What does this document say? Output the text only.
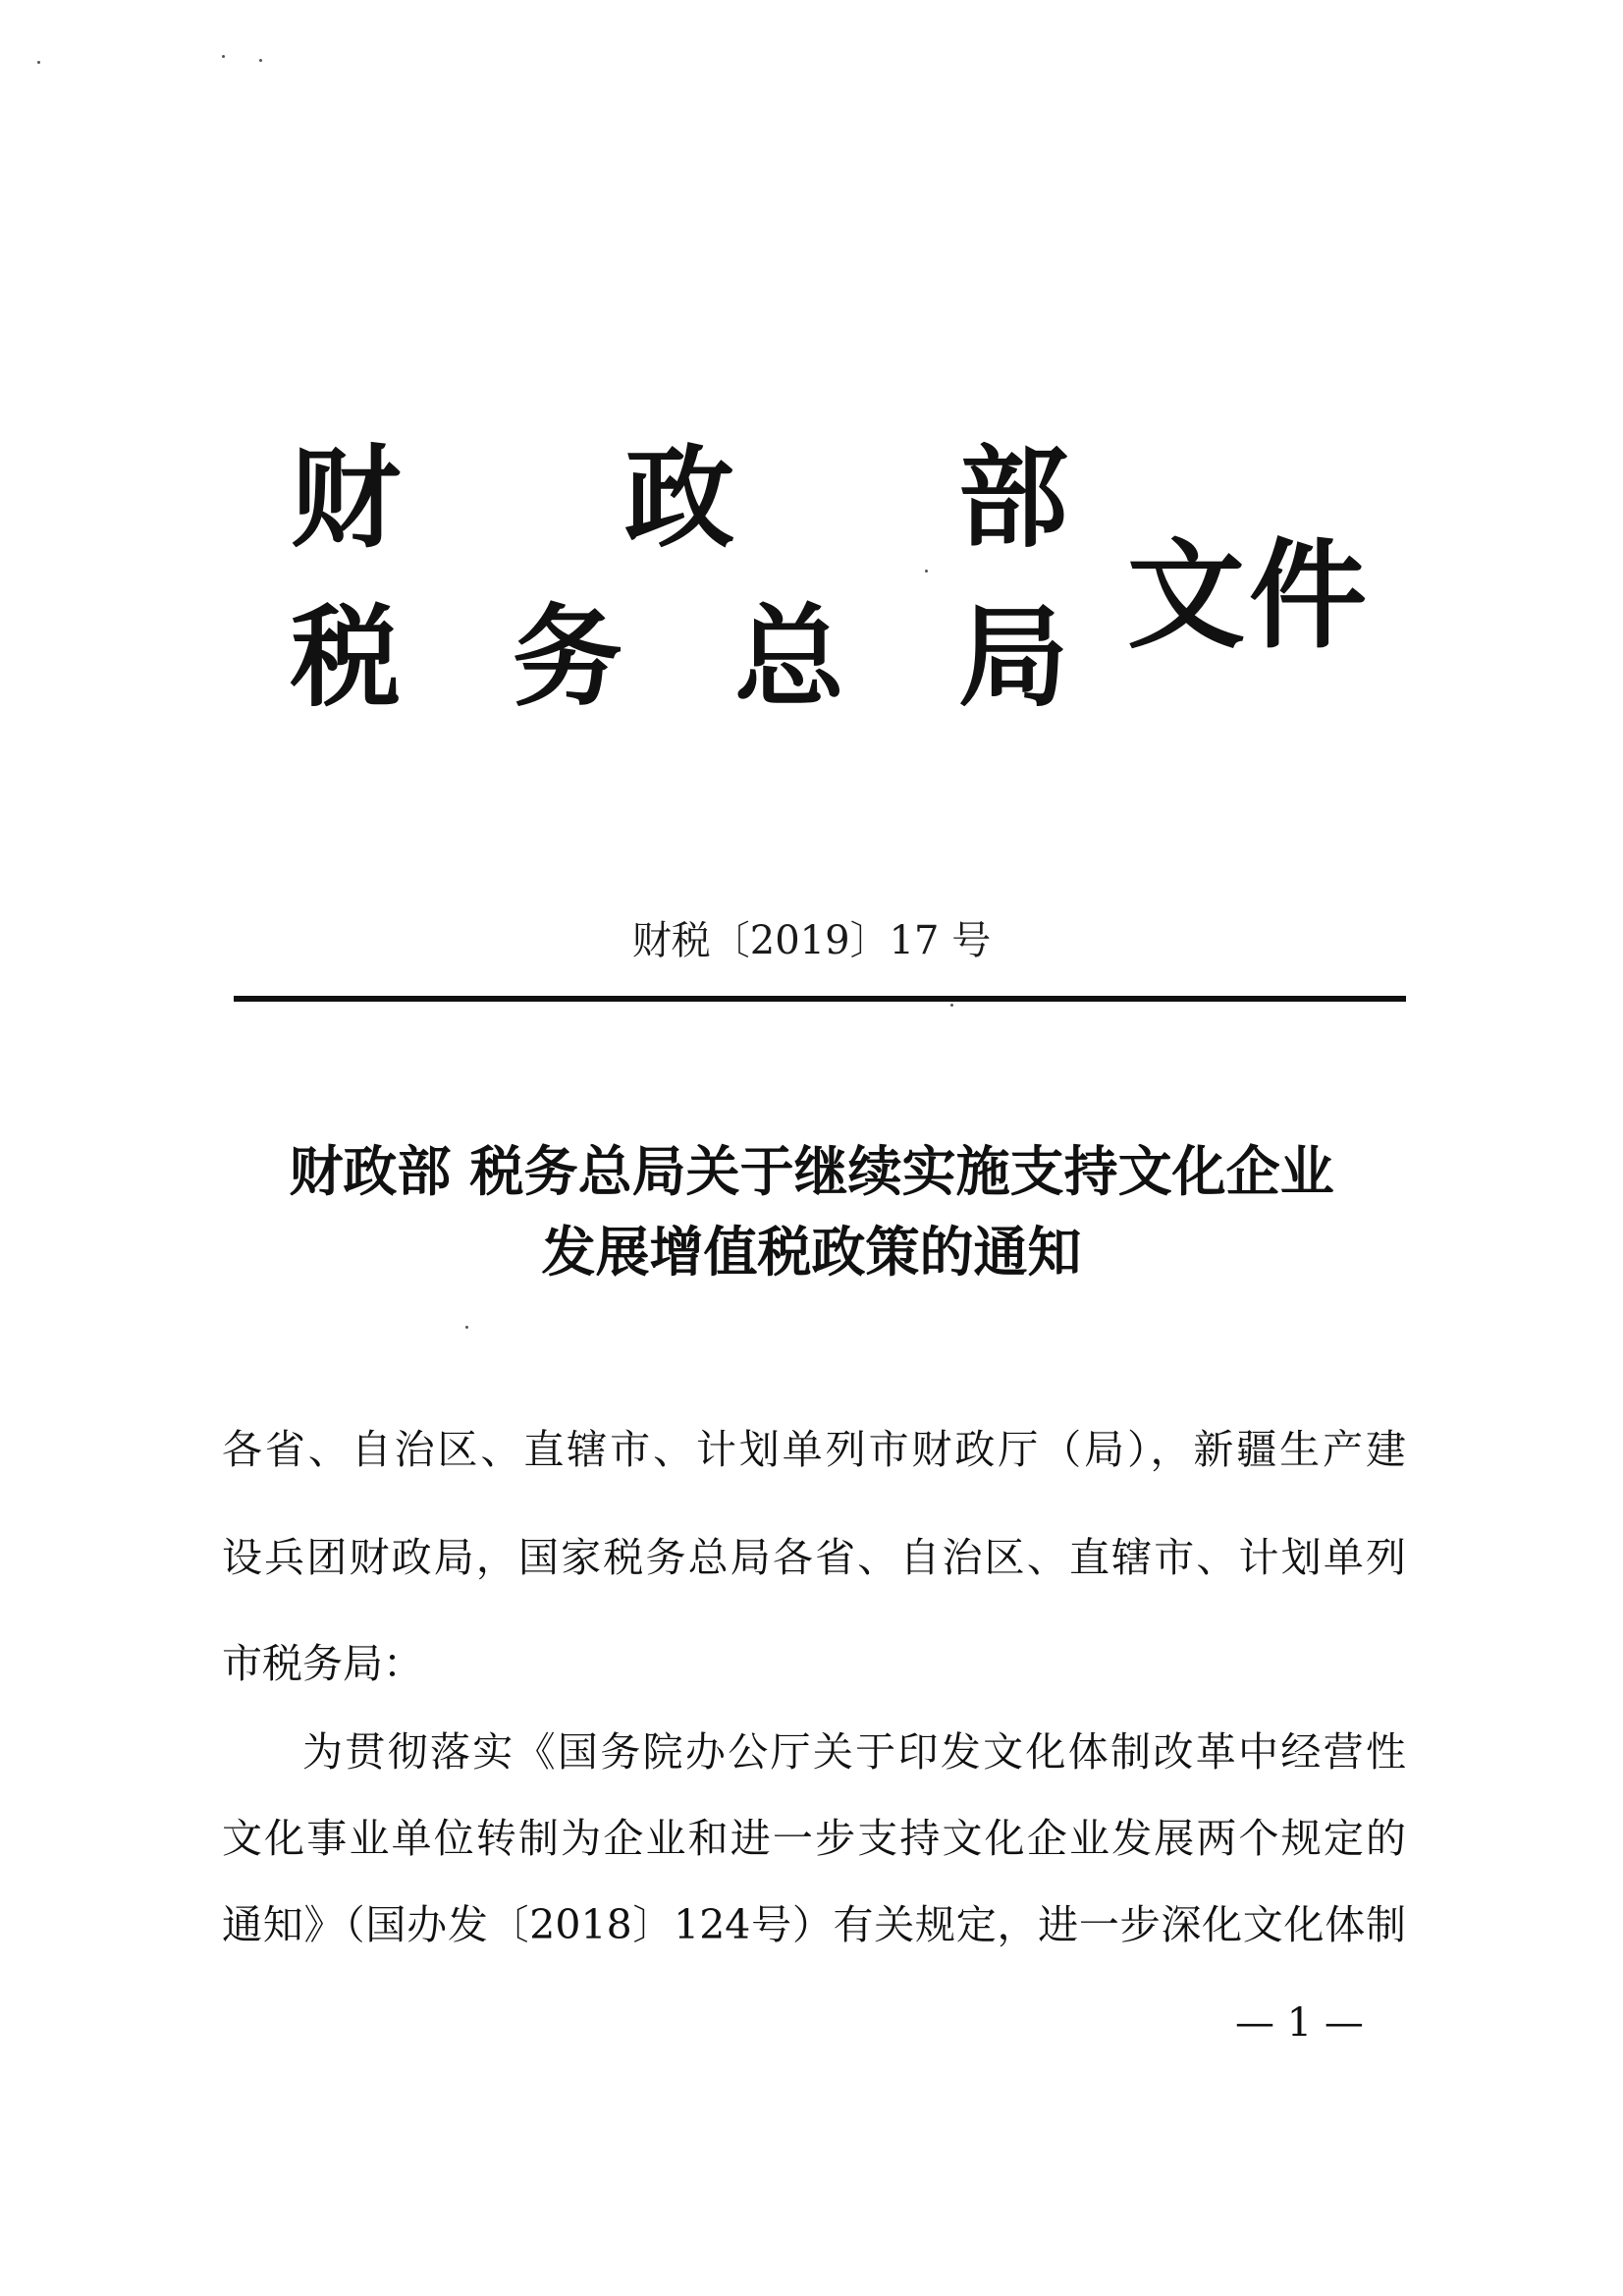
财 政 部
税 务 总 局 文件
财税〔2019〕17 号
财政部 税务总局关于继续实施支持文化企业
发展增值税政策的通知
各省、自治区、直辖市、计划单列市财政厅（局），新疆生产建
设兵团财政局，国家税务总局各省、自治区、直辖市、计划单列
市税务局：
为贯彻落实《国务院办公厅关于印发文化体制改革中经营性
文化事业单位转制为企业和进一步支持文化企业发展两个规定的
通知》（国办发〔2018〕124号）有关规定，进一步深化文化体制
— 1 —
